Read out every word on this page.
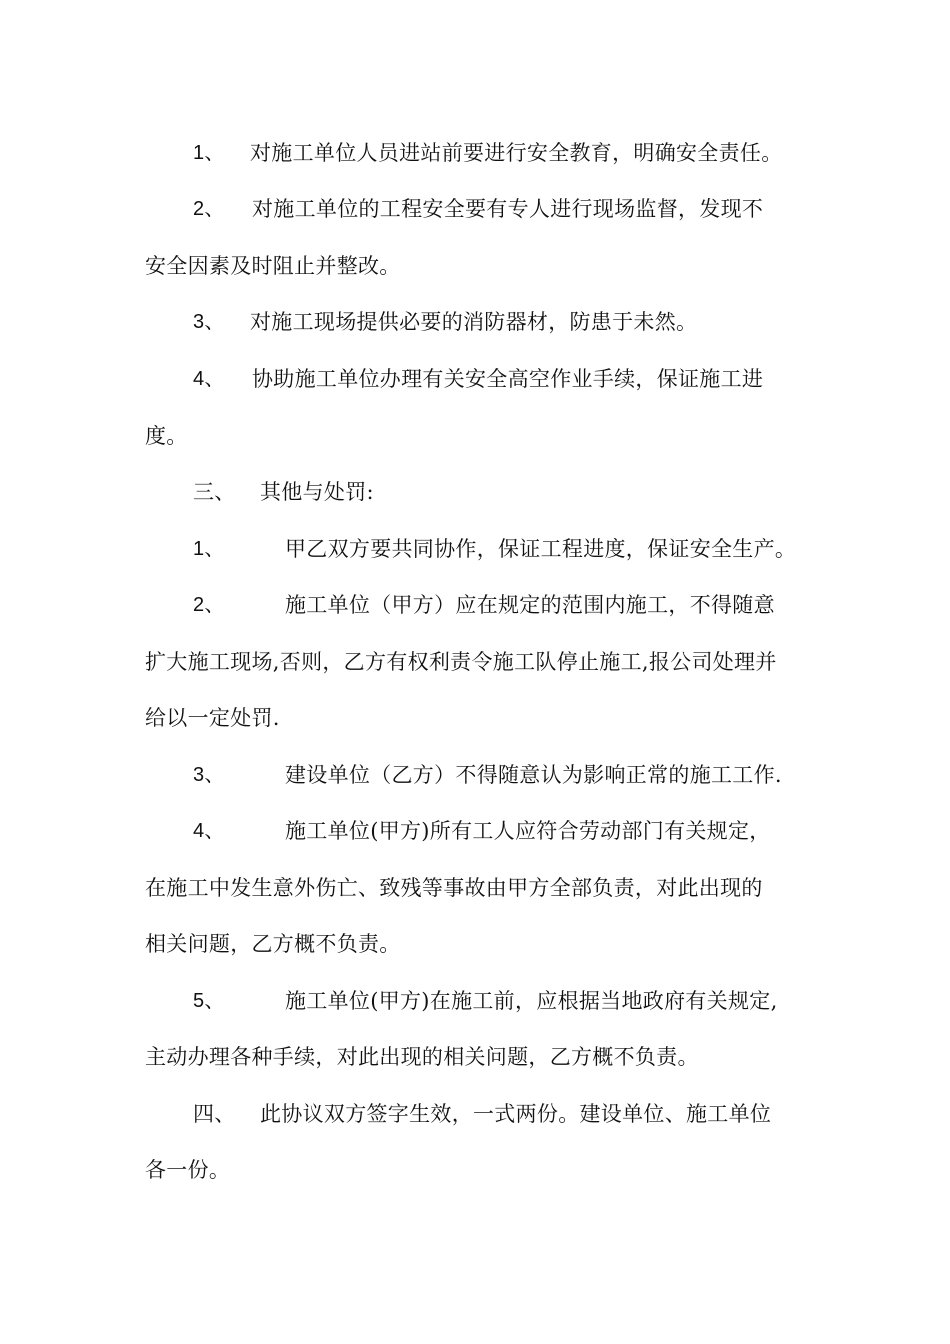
1、 对施工单位人员进站前要进行安全教育，明确安全责任。
2、 对施工单位的工程安全要有专人进行现场监督，发现不
安全因素及时阻止并整改。
3、 对施工现场提供必要的消防器材，防患于未然。
4、 协助施工单位办理有关安全高空作业手续，保证施工进
度。
三、 其他与处罚:
1、	甲乙双方要共同协作，保证工程进度，保证安全生产。
2、	施工单位（甲方）应在规定的范围内施工，不得随意
扩大施工现场,否则，乙方有权利责令施工队停止施工,报公司处理并
给以一定处罚.
3、	建设单位（乙方）不得随意认为影响正常的施工工作.
4、	施工单位(甲方)所有工人应符合劳动部门有关规定，
在施工中发生意外伤亡、致残等事故由甲方全部负责，对此出现的
相关问题，乙方概不负责。
5、	施工单位(甲方)在施工前，应根据当地政府有关规定,
主动办理各种手续，对此出现的相关问题，乙方概不负责。
四、 此协议双方签字生效，一式两份。建设单位、施工单位
各一份。
